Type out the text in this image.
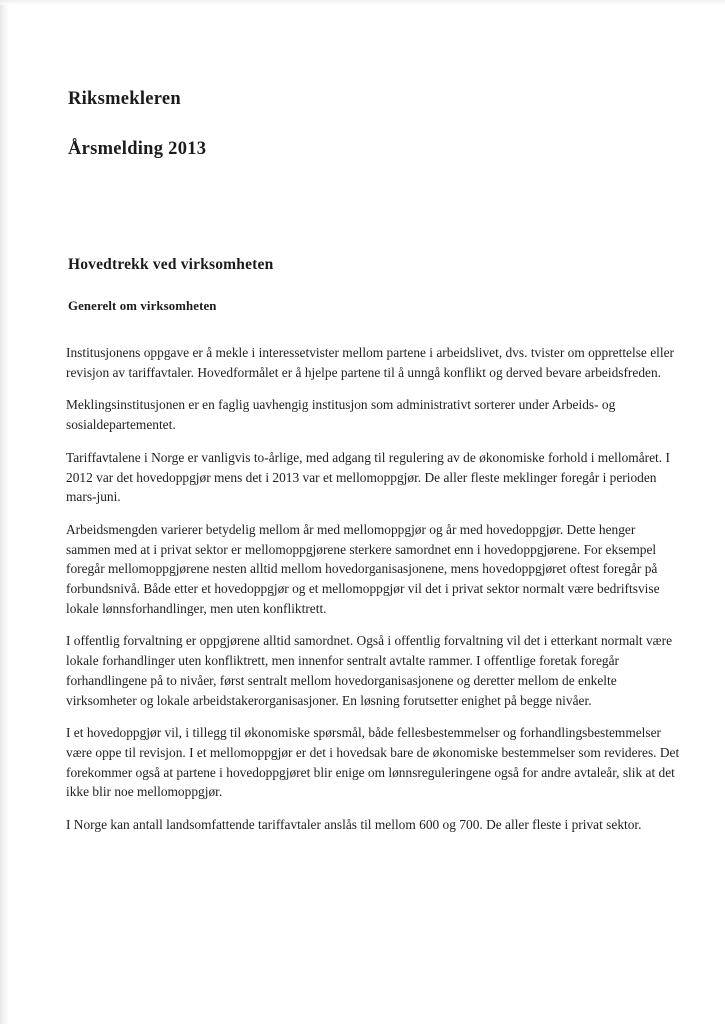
Riksmekleren
Årsmelding 2013
Hovedtrekk ved virksomheten
Generelt om virksomheten

Institusjonens oppgave er å mekle i interessetvister mellom partene i arbeidslivet, dvs. tvister om opprettelse eller revisjon av tariffavtaler. Hovedformålet er å hjelpe partene til å unngå konflikt og derved bevare arbeidsfreden.

Meklingsinstitusjonen er en faglig uavhengig institusjon som administrativt sorterer under Arbeids- og sosialdepartementet.

Tariffavtalene i Norge er vanligvis to-årlige, med adgang til regulering av de økonomiske forhold i mellomåret. I 2012 var det hovedoppgjør mens det i 2013 var et mellomoppgjør. De aller fleste meklinger foregår i perioden mars-juni.

Arbeidsmengden varierer betydelig mellom år med mellomoppgjør og år med hovedoppgjør. Dette henger sammen med at i privat sektor er mellomoppgjørene sterkere samordnet enn i hovedoppgjørene. For eksempel foregår mellomoppgjørene nesten alltid mellom hovedorganisasjonene, mens hovedoppgjøret oftest foregår på forbundsnivå. Både etter et hovedoppgjør og et mellomoppgjør vil det i privat sektor normalt være bedriftsvise lokale lønnsforhandlinger, men uten konfliktrett.

I offentlig forvaltning er oppgjørene alltid samordnet. Også i offentlig forvaltning vil det i etterkant normalt være lokale forhandlinger uten konfliktrett, men innenfor sentralt avtalte rammer. I offentlige foretak foregår forhandlingene på to nivåer, først sentralt mellom hovedorganisasjonene og deretter mellom de enkelte virksomheter og lokale arbeidstakerorganisasjoner. En løsning forutsetter enighet på begge nivåer.

I et hovedoppgjør vil, i tillegg til økonomiske spørsmål, både fellesbestemmelser og forhandlingsbestemmelser være oppe til revisjon. I et mellomoppgjør er det i hovedsak bare de økonomiske bestemmelser som revideres. Det forekommer også at partene i hovedoppgjøret blir enige om lønnsreguleringene også for andre avtaleår, slik at det ikke blir noe mellomoppgjør.

I Norge kan antall landsomfattende tariffavtaler anslås til mellom 600 og 700. De aller fleste i privat sektor.
